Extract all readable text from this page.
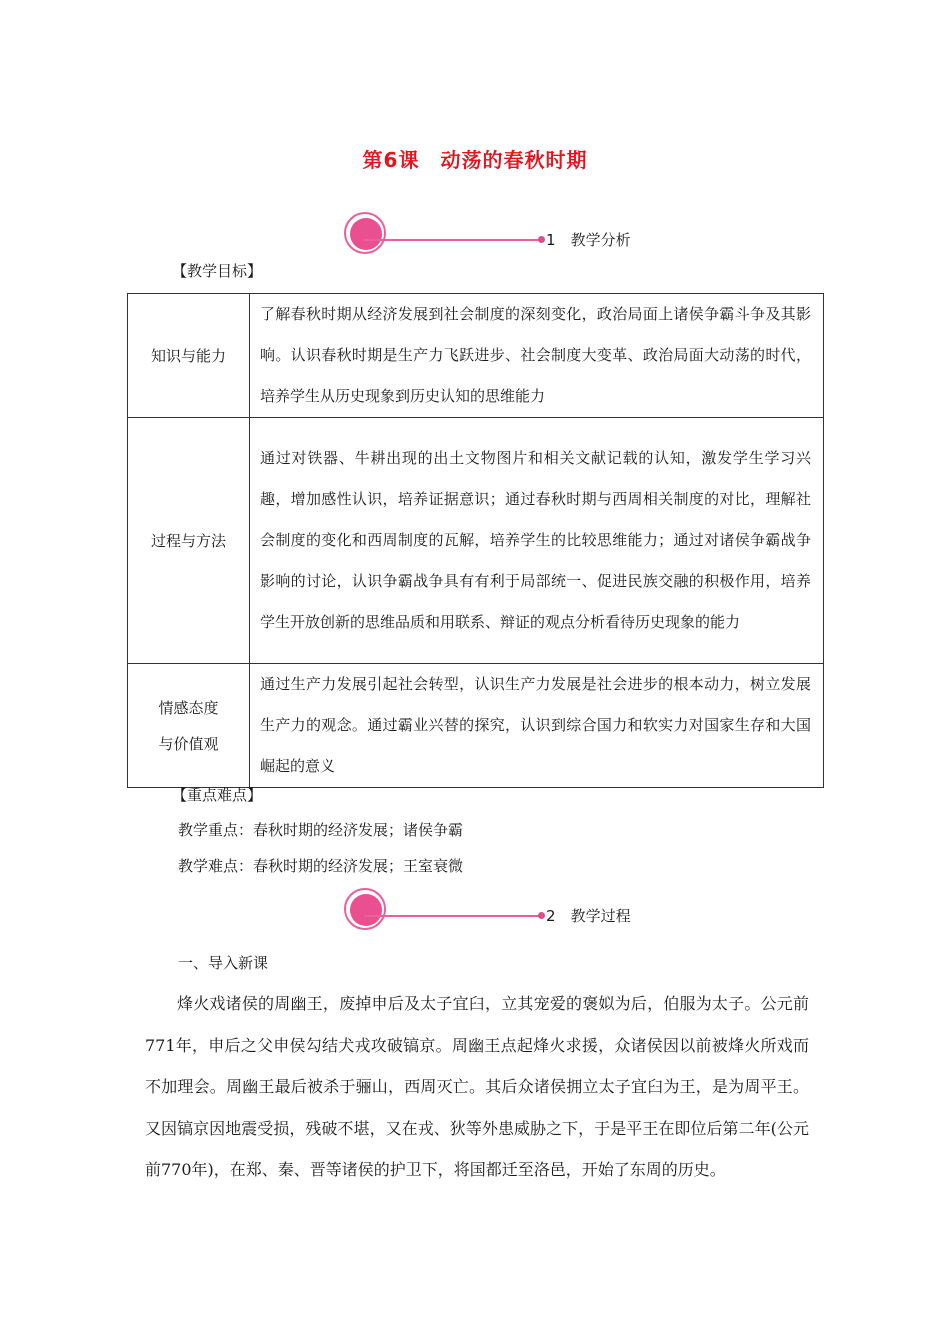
第6课　动荡的春秋时期
1　 教学分析
【教学目标】
知识与能力	了解春秋时期从经济发展到社会制度的深刻变化，政治局面上诸侯争霸斗争及其影响。认识春秋时期是生产力飞跃进步、社会制度大变革、政治局面大动荡的时代，培养学生从历史现象到历史认知的思维能力
过程与方法	通过对铁器、牛耕出现的出土文物图片和相关文献记载的认知，激发学生学习兴趣，增加感性认识，培养证据意识；通过春秋时期与西周相关制度的对比，理解社会制度的变化和西周制度的瓦解，培养学生的比较思维能力；通过对诸侯争霸战争影响的讨论，认识争霸战争具有有利于局部统一、促进民族交融的积极作用，培养学生开放创新的思维品质和用联系、辩证的观点分析看待历史现象的能力

情感态度
与价值观	通过生产力发展引起社会转型，认识生产力发展是社会进步的根本动力，树立发展生产力的观念。通过霸业兴替的探究，认识到综合国力和软实力对国家生存和大国崛起的意义
【重点难点】
教学重点：春秋时期的经济发展；诸侯争霸
教学难点：春秋时期的经济发展；王室衰微
2　 教学过程
一、导入新课
烽火戏诸侯的周幽王，废掉申后及太子宜臼，立其宠爱的褒姒为后，伯服为太子。公元前771年，申后之父申侯勾结犬戎攻破镐京。周幽王点起烽火求援，众诸侯因以前被烽火所戏而不加理会。周幽王最后被杀于骊山，西周灭亡。其后众诸侯拥立太子宜臼为王，是为周平王。又因镐京因地震受损，残破不堪，又在戎、狄等外患威胁之下，于是平王在即位后第二年(公元前770年)，在郑、秦、晋等诸侯的护卫下，将国都迁至洛邑，开始了东周的历史。
